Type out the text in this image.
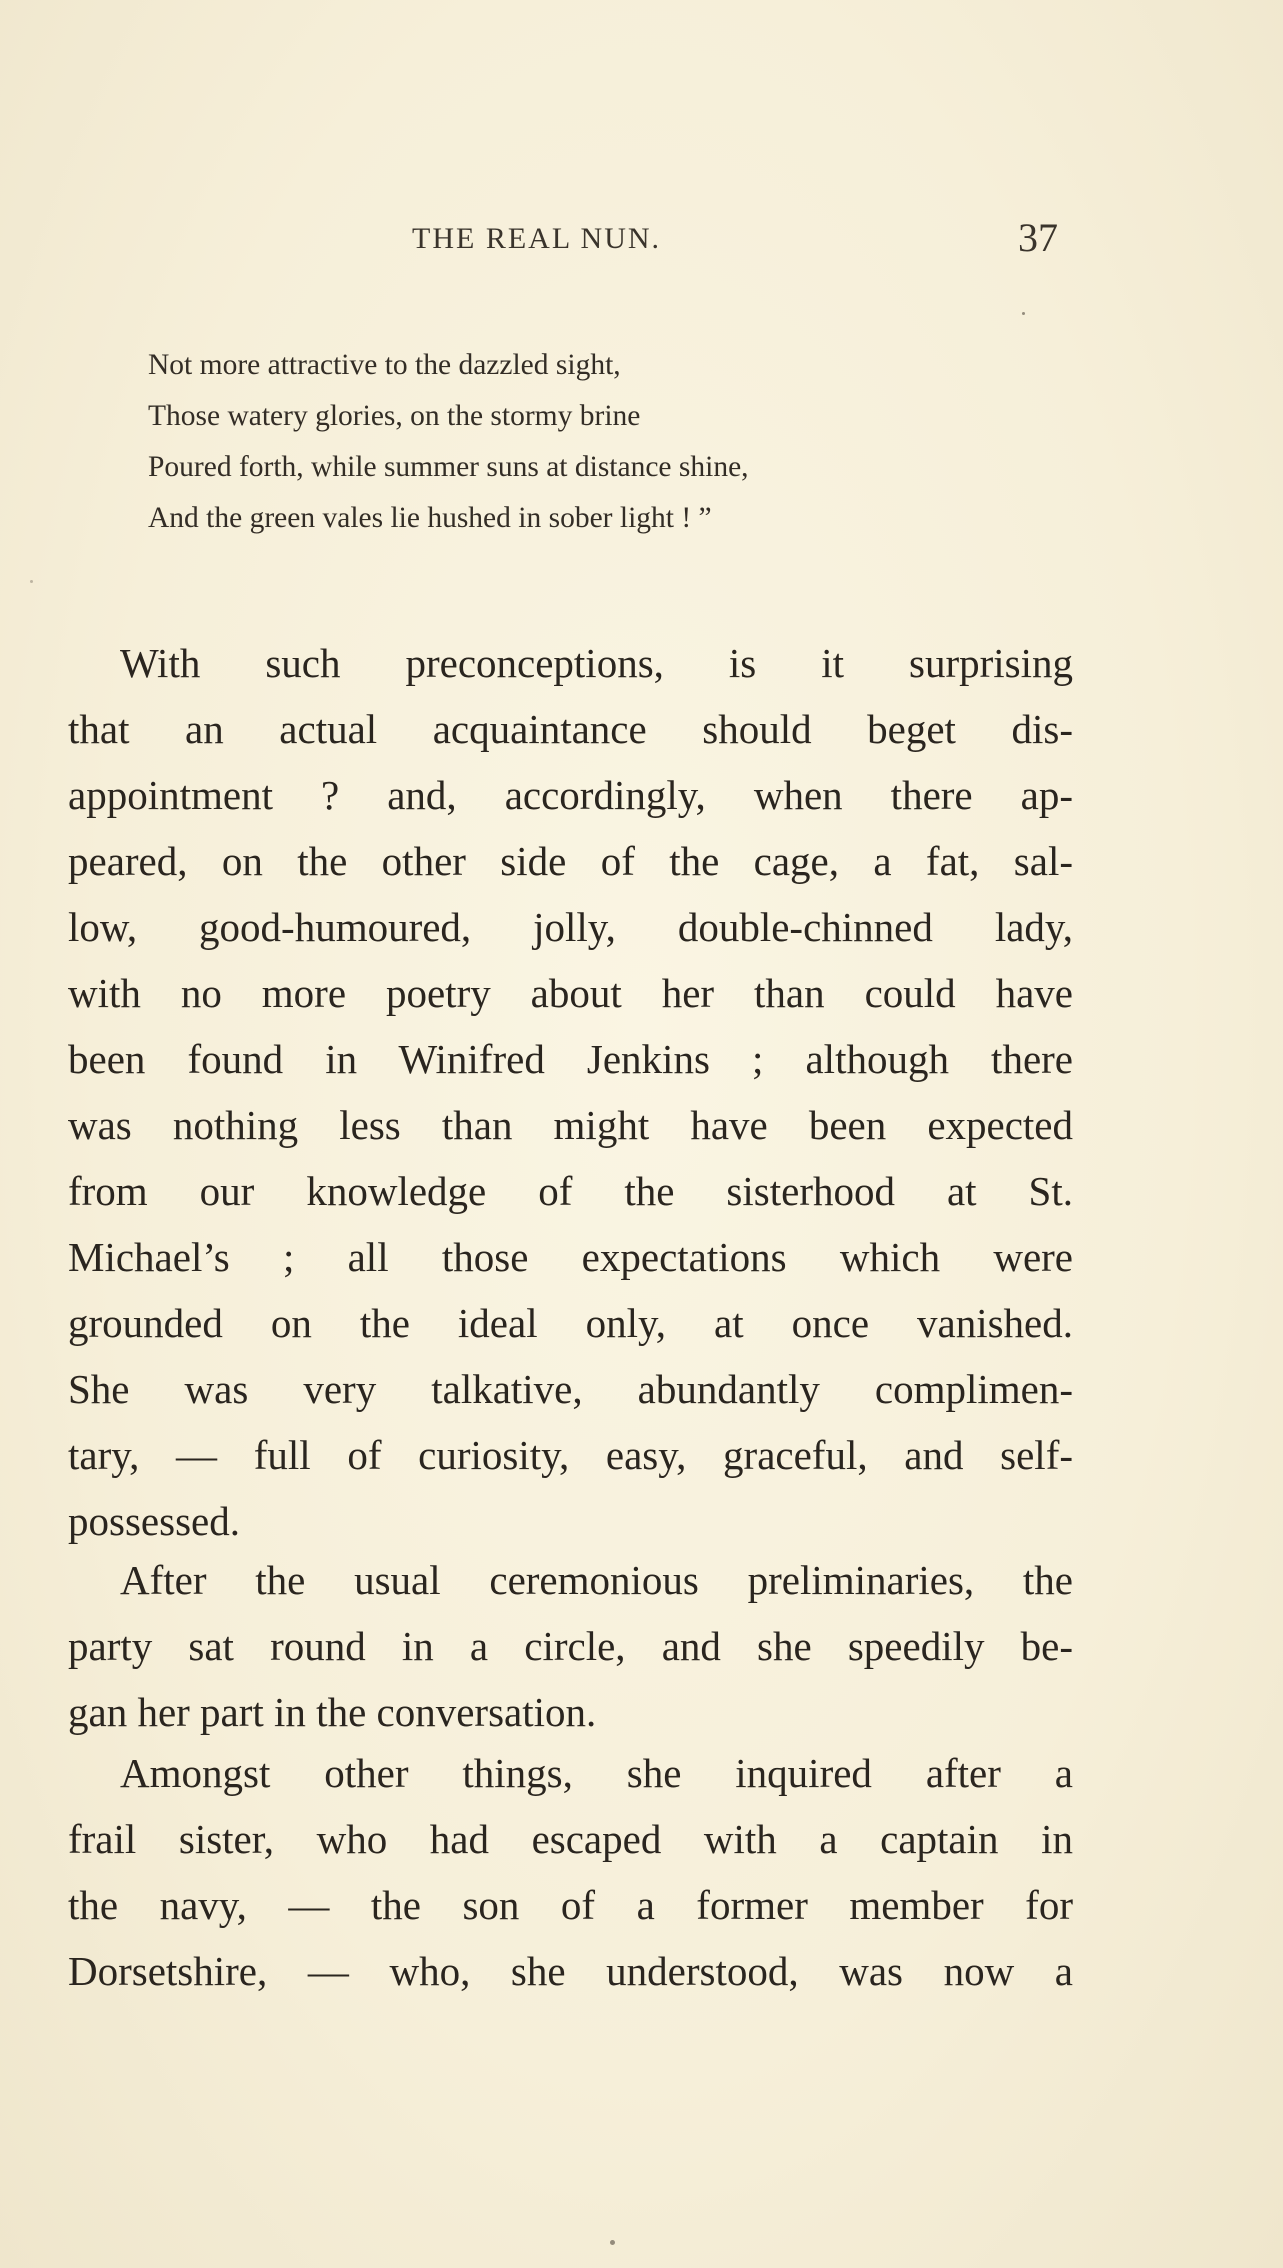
THE REAL NUN.	37
Not more attractive to the dazzled sight,
Those watery glories, on the stormy brine
Poured forth, while summer suns at distance shine,
And the green vales lie hushed in sober light ! ”
With such preconceptions, is it surprising
that an actual acquaintance should beget dis-
appointment ? and, accordingly, when there ap-
peared, on the other side of the cage, a fat, sal-
low, good-humoured, jolly, double-chinned lady,
with no more poetry about her than could have
been found in Winifred Jenkins ; although there
was nothing less than might have been expected
from our knowledge of the sisterhood at St.
Michael’s ; all those expectations which were
grounded on the ideal only, at once vanished.
She was very talkative, abundantly complimen-
tary, — full of curiosity, easy, graceful, and self-
possessed.
After the usual ceremonious preliminaries, the
party sat round in a circle, and she speedily be-
gan her part in the conversation.
Amongst other things, she inquired after a
frail sister, who had escaped with a captain in
the navy, — the son of a former member for
Dorsetshire, — who, she understood, was now a
